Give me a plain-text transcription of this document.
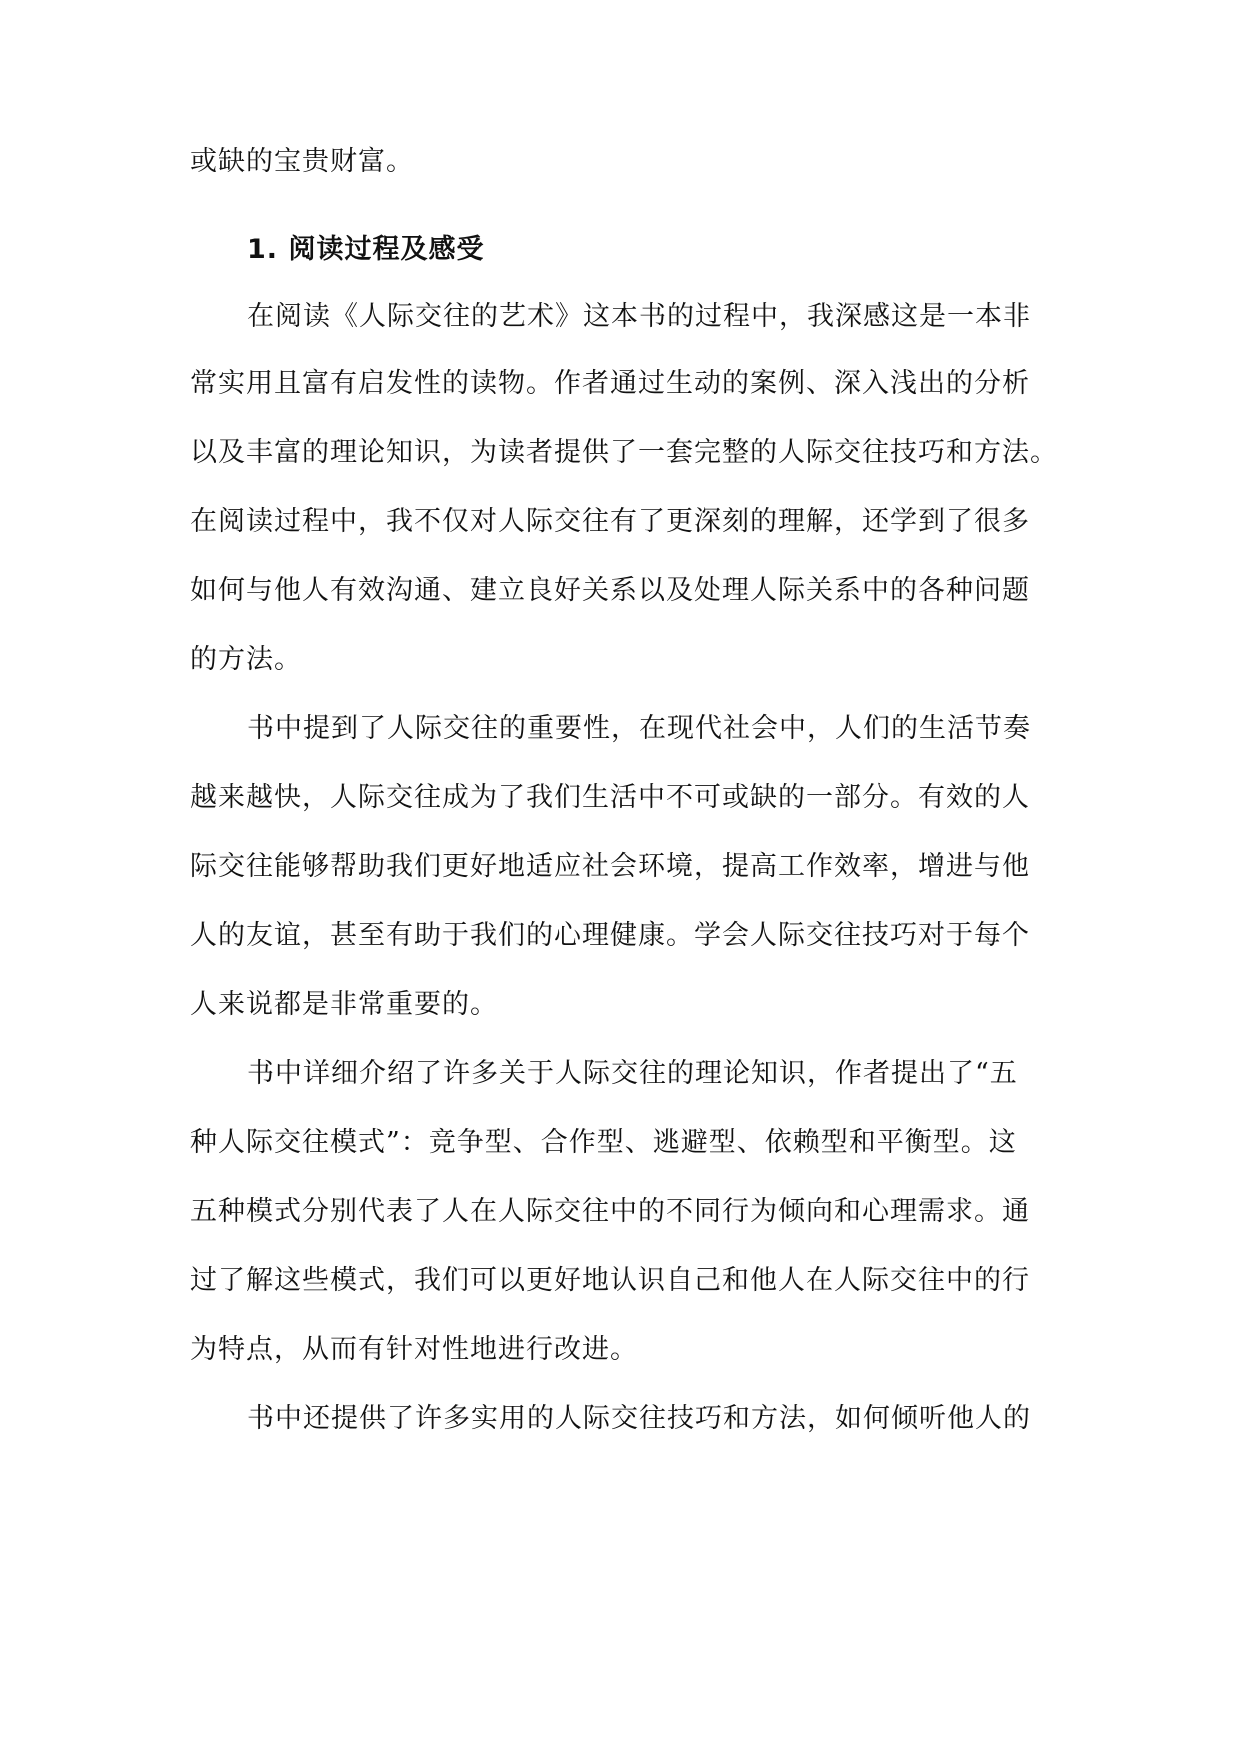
或缺的宝贵财富。
1. 阅读过程及感受
在阅读《人际交往的艺术》这本书的过程中，我深感这是一本非
常实用且富有启发性的读物。作者通过生动的案例、深入浅出的分析
以及丰富的理论知识，为读者提供了一套完整的人际交往技巧和方法。
在阅读过程中，我不仅对人际交往有了更深刻的理解，还学到了很多
如何与他人有效沟通、建立良好关系以及处理人际关系中的各种问题
的方法。
书中提到了人际交往的重要性，在现代社会中，人们的生活节奏
越来越快，人际交往成为了我们生活中不可或缺的一部分。有效的人
际交往能够帮助我们更好地适应社会环境，提高工作效率，增进与他
人的友谊，甚至有助于我们的心理健康。学会人际交往技巧对于每个
人来说都是非常重要的。
书中详细介绍了许多关于人际交往的理论知识，作者提出了“五
种人际交往模式”：竞争型、合作型、逃避型、依赖型和平衡型。这
五种模式分别代表了人在人际交往中的不同行为倾向和心理需求。通
过了解这些模式，我们可以更好地认识自己和他人在人际交往中的行
为特点，从而有针对性地进行改进。
书中还提供了许多实用的人际交往技巧和方法，如何倾听他人的
